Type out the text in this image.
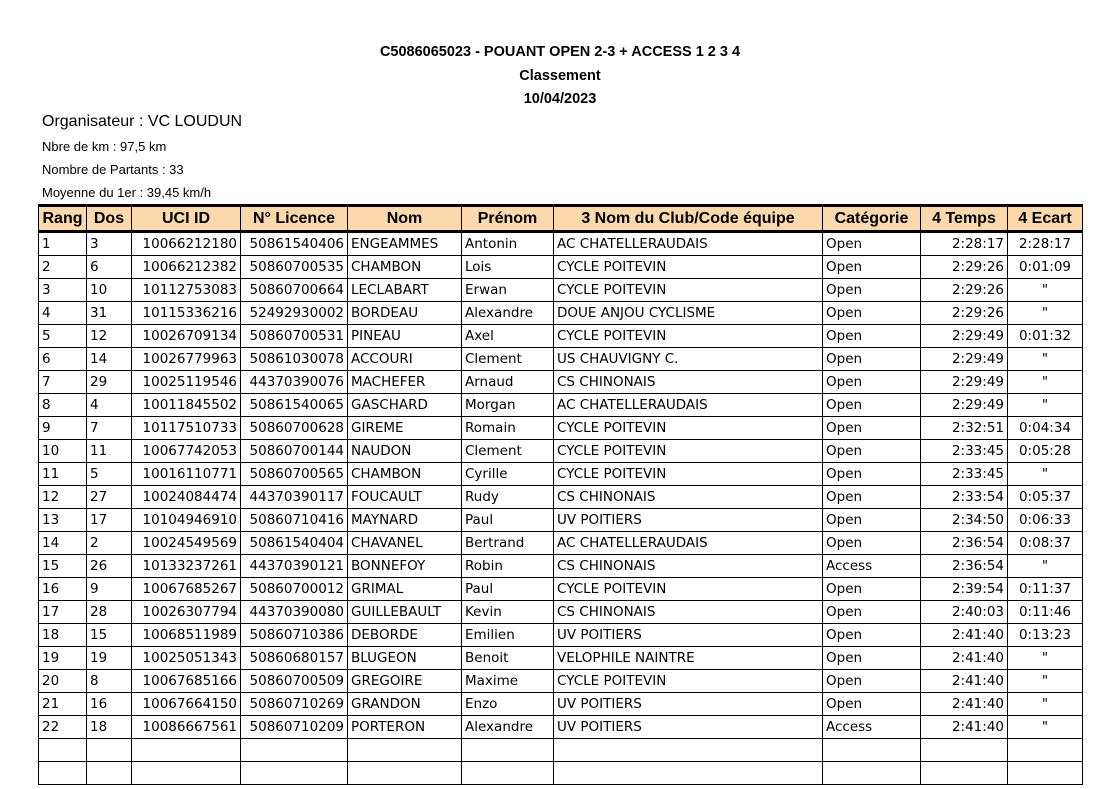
C5086065023 - POUANT OPEN 2-3 + ACCESS 1 2 3 4
Classement
10/04/2023
Organisateur : VC LOUDUN
Nbre de km : 97,5 km
Nombre de Partants : 33
Moyenne du 1er : 39,45 km/h
Rang	Dos	UCI ID	N° Licence	Nom	Prénom	3 Nom du Club/Code équipe	Catégorie	4 Temps	4 Ecart
1	3	10066212180	50861540406	ENGEAMMES	Antonin	AC CHATELLERAUDAIS	Open	2:28:17	2:28:17
2	6	10066212382	50860700535	CHAMBON	Lois	CYCLE POITEVIN	Open	2:29:26	0:01:09
3	10	10112753083	50860700664	LECLABART	Erwan	CYCLE POITEVIN	Open	2:29:26	"
4	31	10115336216	52492930002	BORDEAU	Alexandre	DOUE ANJOU CYCLISME	Open	2:29:26	"
5	12	10026709134	50860700531	PINEAU	Axel	CYCLE POITEVIN	Open	2:29:49	0:01:32
6	14	10026779963	50861030078	ACCOURI	Clement	US CHAUVIGNY C.	Open	2:29:49	"
7	29	10025119546	44370390076	MACHEFER	Arnaud	CS CHINONAIS	Open	2:29:49	"
8	4	10011845502	50861540065	GASCHARD	Morgan	AC CHATELLERAUDAIS	Open	2:29:49	"
9	7	10117510733	50860700628	GIREME	Romain	CYCLE POITEVIN	Open	2:32:51	0:04:34
10	11	10067742053	50860700144	NAUDON	Clement	CYCLE POITEVIN	Open	2:33:45	0:05:28
11	5	10016110771	50860700565	CHAMBON	Cyrille	CYCLE POITEVIN	Open	2:33:45	"
12	27	10024084474	44370390117	FOUCAULT	Rudy	CS CHINONAIS	Open	2:33:54	0:05:37
13	17	10104946910	50860710416	MAYNARD	Paul	UV POITIERS	Open	2:34:50	0:06:33
14	2	10024549569	50861540404	CHAVANEL	Bertrand	AC CHATELLERAUDAIS	Open	2:36:54	0:08:37
15	26	10133237261	44370390121	BONNEFOY	Robin	CS CHINONAIS	Access	2:36:54	"
16	9	10067685267	50860700012	GRIMAL	Paul	CYCLE POITEVIN	Open	2:39:54	0:11:37
17	28	10026307794	44370390080	GUILLEBAULT	Kevin	CS CHINONAIS	Open	2:40:03	0:11:46
18	15	10068511989	50860710386	DEBORDE	Emilien	UV POITIERS	Open	2:41:40	0:13:23
19	19	10025051343	50860680157	BLUGEON	Benoit	VELOPHILE NAINTRE	Open	2:41:40	"
20	8	10067685166	50860700509	GREGOIRE	Maxime	CYCLE POITEVIN	Open	2:41:40	"
21	16	10067664150	50860710269	GRANDON	Enzo	UV POITIERS	Open	2:41:40	"
22	18	10086667561	50860710209	PORTERON	Alexandre	UV POITIERS	Access	2:41:40	"
